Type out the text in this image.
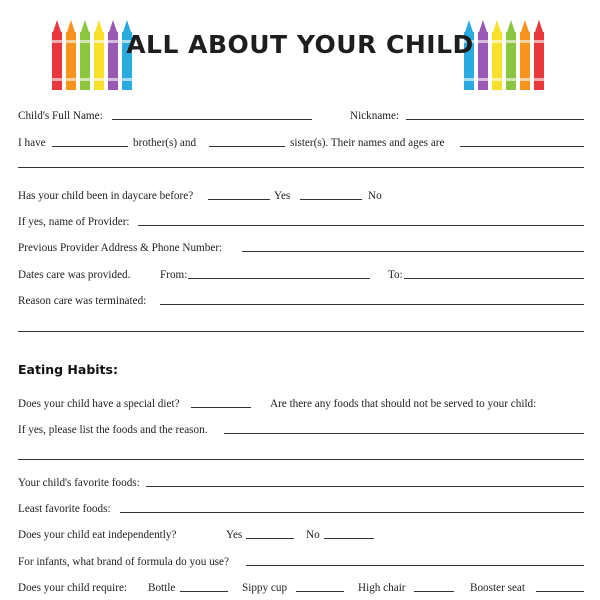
ALL ABOUT YOUR CHILD
Child's Full Name:	Nickname:
I have	brother(s) and	sister(s). Their names and ages are
Has your child been in daycare before?	Yes	No
If yes, name of Provider:
Previous Provider Address & Phone Number:
Dates care was provided.	From:	To:
Reason care was terminated:
Eating Habits:
Does your child have a special diet?	Are there any foods that should not be served to your child:
If yes, please list the foods and the reason.
Your child's favorite foods:
Least favorite foods:
Does your child eat independently?	Yes	No
For infants, what brand of formula do you use?
Does your child require: Bottle	Sippy cup	High chair	Booster seat
